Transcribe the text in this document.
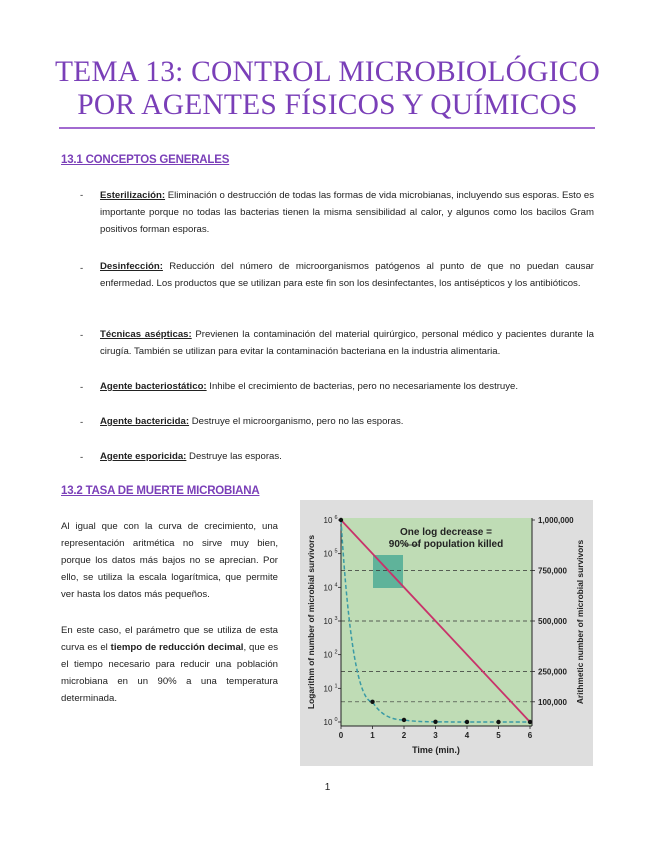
TEMA 13: CONTROL MICROBIOLÓGICO
POR AGENTES FÍSICOS Y QUÍMICOS
13.1 CONCEPTOS GENERALES
- Esterilización: Eliminación o destrucción de todas las formas de vida microbianas, incluyendo sus esporas. Esto es importante porque no todas las bacterias tienen la misma sensibilidad al calor, y algunos como los bacilos Gram positivos forman esporas.
- Desinfección: Reducción del número de microorganismos patógenos al punto de que no puedan causar enfermedad. Los productos que se utilizan para este fin son los desinfectantes, los antisépticos y los antibióticos.
- Técnicas asépticas: Previenen la contaminación del material quirúrgico, personal médico y pacientes durante la cirugía. También se utilizan para evitar la contaminación bacteriana en la industria alimentaria.
- Agente bacteriostático: Inhibe el crecimiento de bacterias, pero no necesariamente los destruye.
- Agente bactericida: Destruye el microorganismo, pero no las esporas.
- Agente esporicida: Destruye las esporas.
13.2 TASA DE MUERTE MICROBIANA
Al igual que con la curva de crecimiento, una representación aritmética no sirve muy bien, porque los datos más bajos no se aprecian. Por ello, se utiliza la escala logarítmica, que permite ver hasta los datos más pequeños.
En este caso, el parámetro que se utiliza de esta curva es el tiempo de reducción decimal, que es el tiempo necesario para reducir una población microbiana en un 90% a una temperatura determinada.
One log decrease =
90% of population killed
0	1	2	3	4	5	6
10 0
10 1
10 2
10 3
10 4
10 5
10 6	1,000,000
750,000
500,000
250,000
100,000
Time (min.)
Logarithm of number of microbial survivors	Arithmetic number of microbial survivors
1
